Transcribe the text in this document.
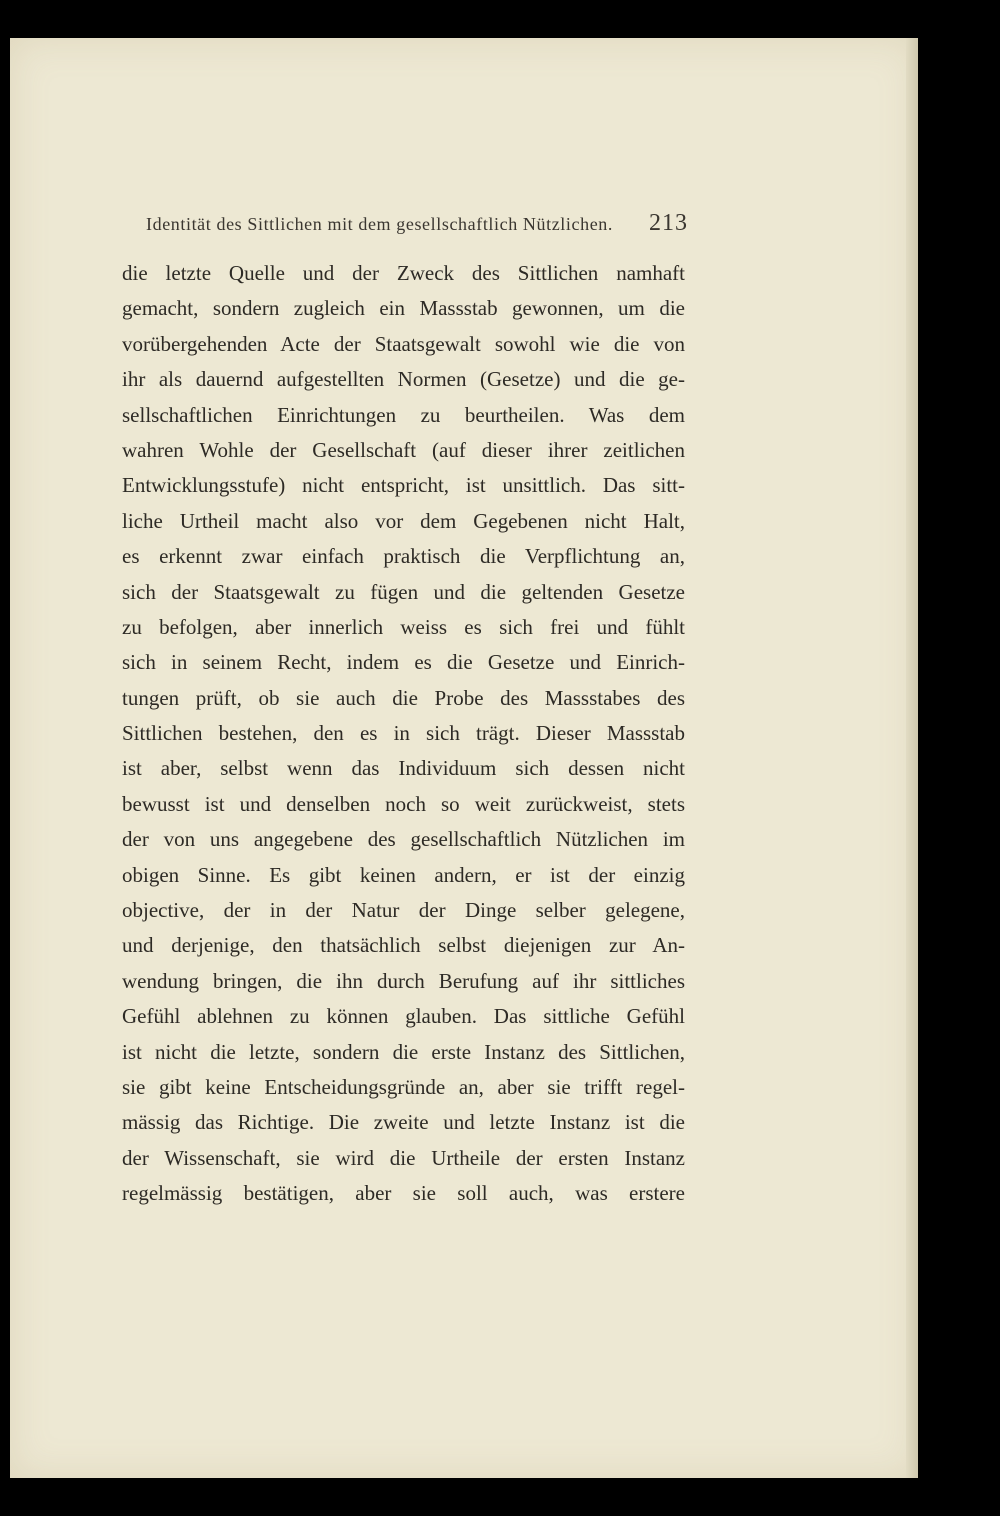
Identität des Sittlichen mit dem gesellschaftlich Nützlichen. 213
die letzte Quelle und der Zweck des Sittlichen namhaft
gemacht, sondern zugleich ein Massstab gewonnen, um die
vorübergehenden Acte der Staatsgewalt sowohl wie die von
ihr als dauernd aufgestellten Normen (Gesetze) und die ge-
sellschaftlichen Einrichtungen zu beurtheilen. Was dem
wahren Wohle der Gesellschaft (auf dieser ihrer zeitlichen
Entwicklungsstufe) nicht entspricht, ist unsittlich. Das sitt-
liche Urtheil macht also vor dem Gegebenen nicht Halt,
es erkennt zwar einfach praktisch die Verpflichtung an,
sich der Staatsgewalt zu fügen und die geltenden Gesetze
zu befolgen, aber innerlich weiss es sich frei und fühlt
sich in seinem Recht, indem es die Gesetze und Einrich-
tungen prüft, ob sie auch die Probe des Massstabes des
Sittlichen bestehen, den es in sich trägt. Dieser Massstab
ist aber, selbst wenn das Individuum sich dessen nicht
bewusst ist und denselben noch so weit zurückweist, stets
der von uns angegebene des gesellschaftlich Nützlichen im
obigen Sinne. Es gibt keinen andern, er ist der einzig
objective, der in der Natur der Dinge selber gelegene,
und derjenige, den thatsächlich selbst diejenigen zur An-
wendung bringen, die ihn durch Berufung auf ihr sittliches
Gefühl ablehnen zu können glauben. Das sittliche Gefühl
ist nicht die letzte, sondern die erste Instanz des Sittlichen,
sie gibt keine Entscheidungsgründe an, aber sie trifft regel-
mässig das Richtige. Die zweite und letzte Instanz ist die
der Wissenschaft, sie wird die Urtheile der ersten Instanz
regelmässig bestätigen, aber sie soll auch, was erstere
